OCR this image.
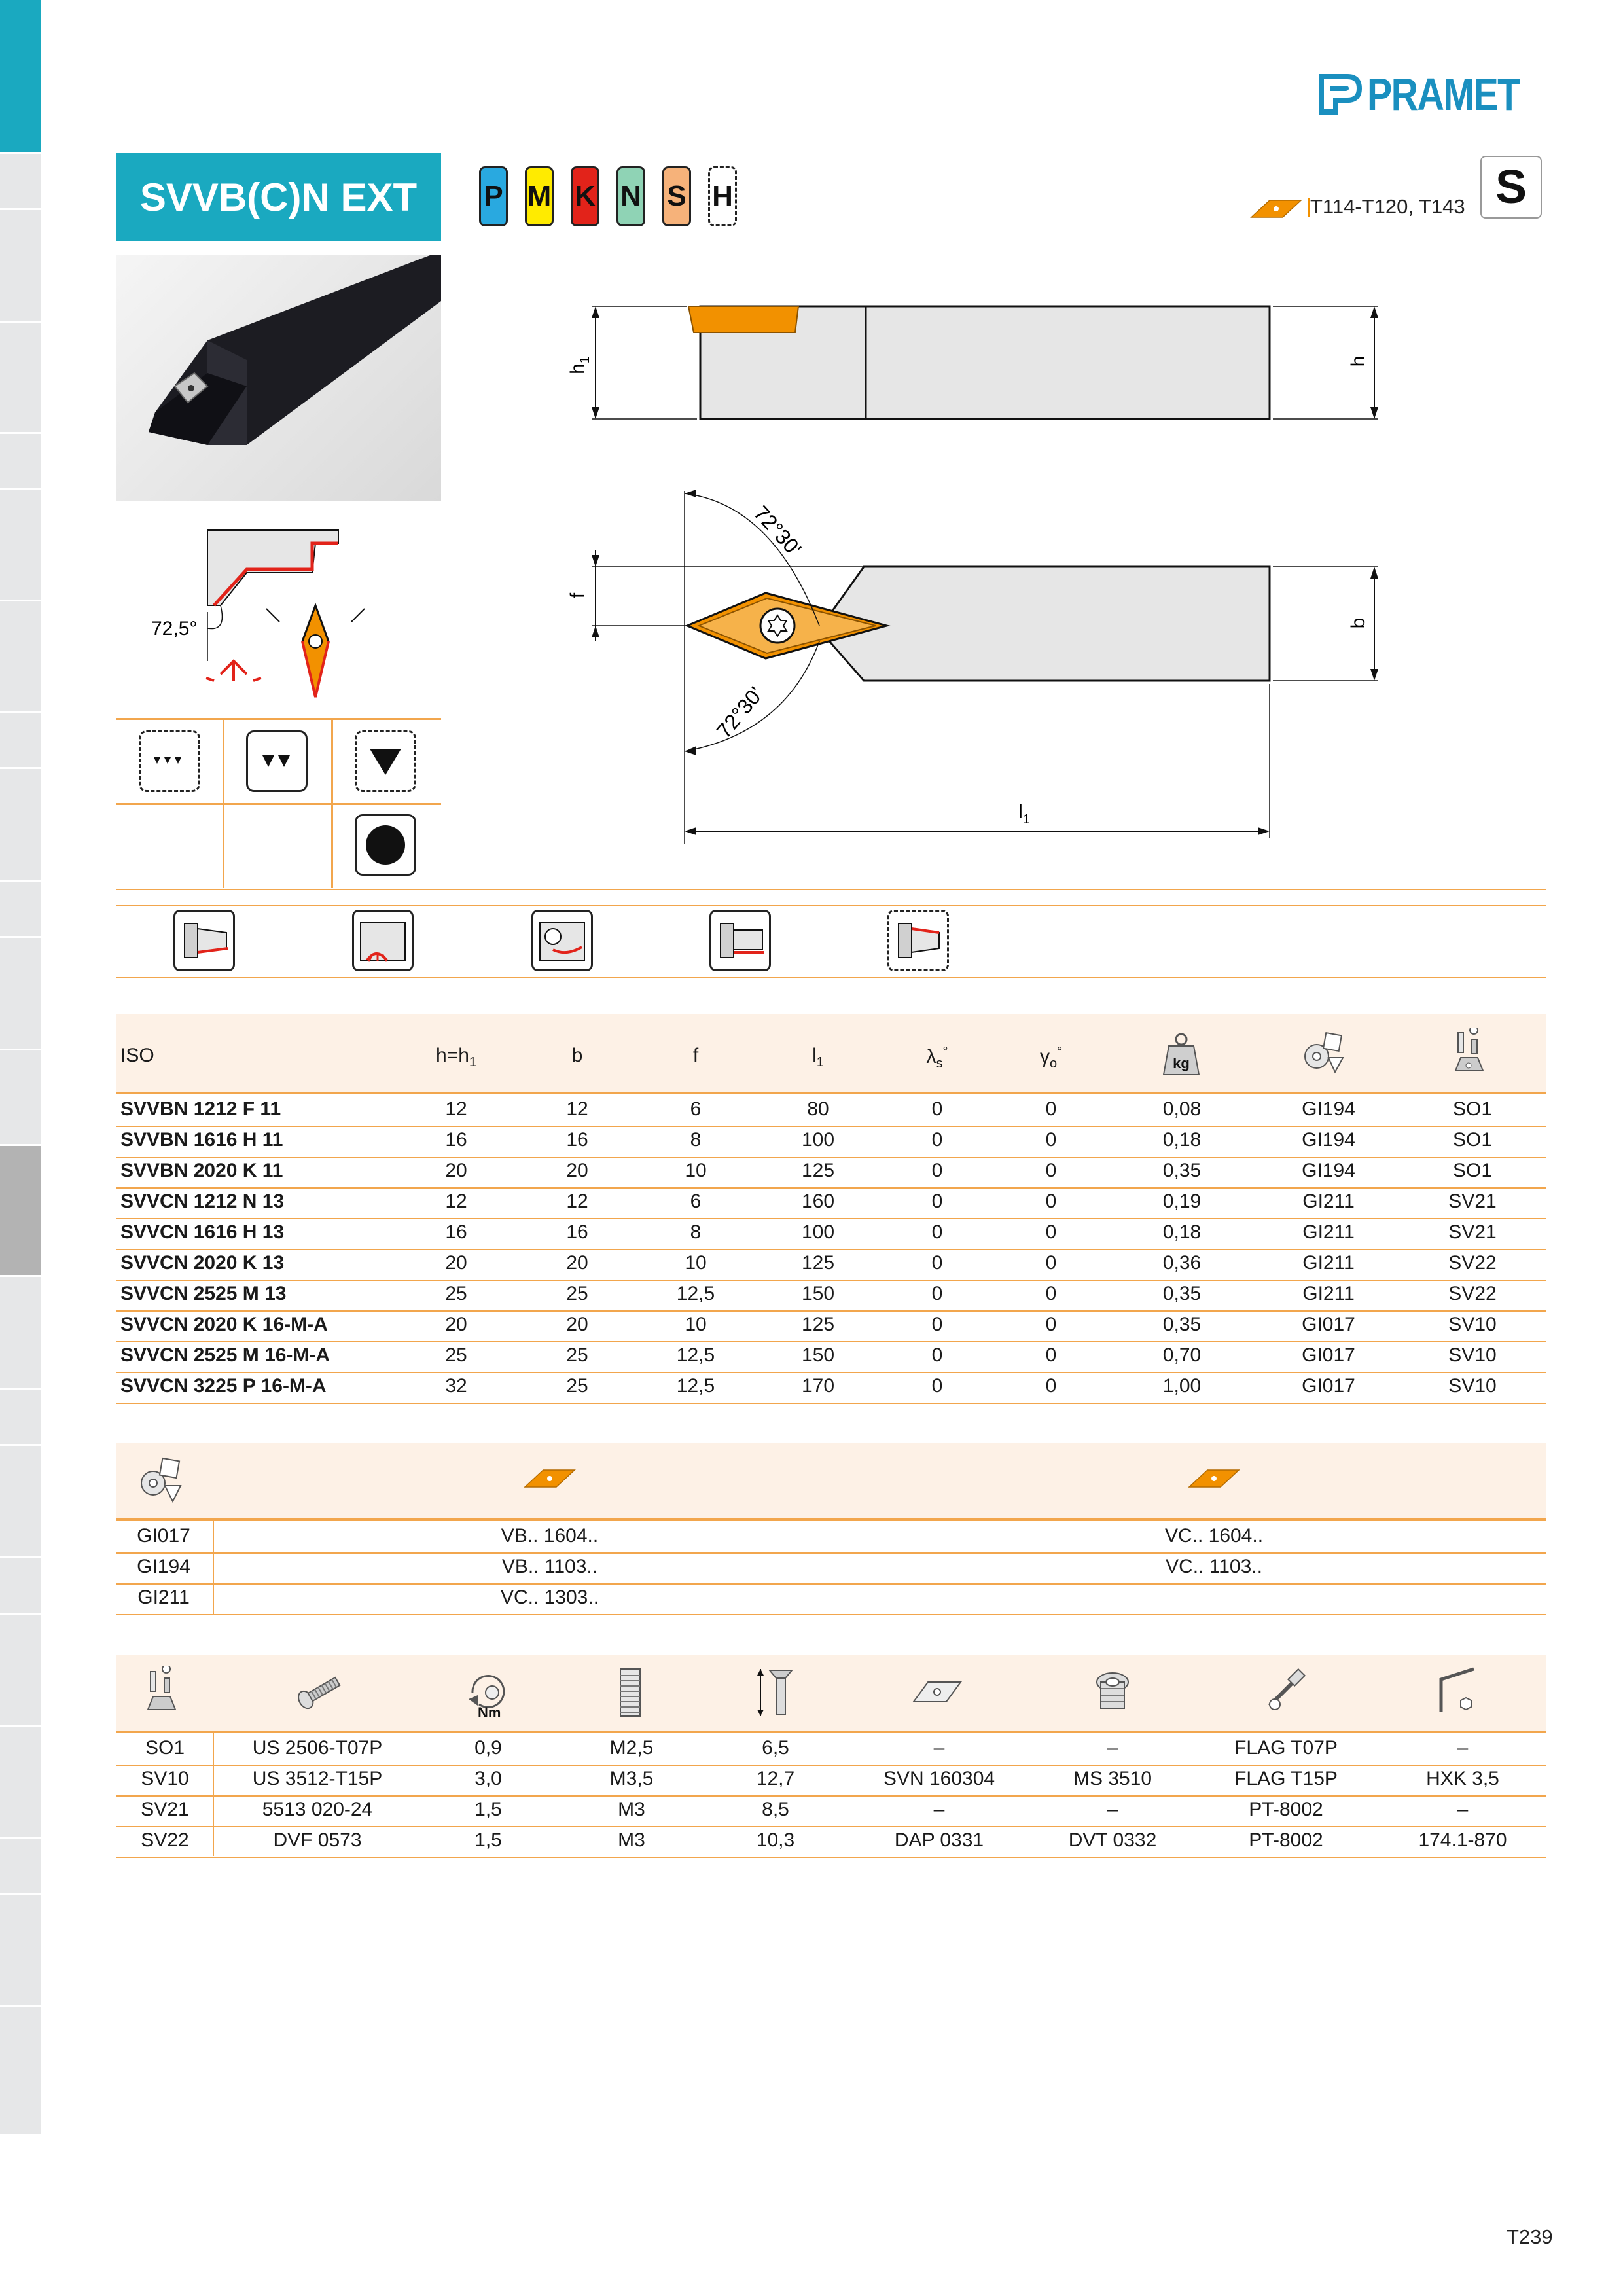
PRAMET
SVVB(C)N EXT P M K N S H	T114-T120, T143 S
$h_1$	h
72°30'
72°30'
f
b
$l_1$
72,5°
ISO	$h=h_1$	b	f	$l_1$	$\lambda_s^\circ$	$\gamma_o^\circ$
kg
SVVBN 1212 F 11	12	12	6	80	0	0	0,08	GI194	SO1
SVVBN 1616 H 11	16	16	8	100	0	0	0,18	GI194	SO1
SVVBN 2020 K 11	20	20	10	125	0	0	0,35	GI194	SO1
SVVCN 1212 N 13	12	12	6	160	0	0	0,19	GI211	SV21
SVVCN 1616 H 13	16	16	8	100	0	0	0,18	GI211	SV21
SVVCN 2020 K 13	20	20	10	125	0	0	0,36	GI211	SV22
SVVCN 2525 M 13	25	25	12,5	150	0	0	0,35	GI211	SV22
SVVCN 2020 K 16-M-A	20	20	10	125	0	0	0,35	GI017	SV10
SVVCN 2525 M 16-M-A	25	25	12,5	150	0	0	0,70	GI017	SV10
SVVCN 3225 P 16-M-A	32	25	12,5	170	0	0	1,00	GI017	SV10
GI017	VB.. 1604..	VC.. 1604..
GI194	VB.. 1103..	VC.. 1103..
GI211	VC.. 1303..
Nm
SO1	US 2506-T07P	0,9	M2,5	6,5	–	–	FLAG T07P	–
SV10	US 3512-T15P	3,0	M3,5	12,7	SVN 160304	MS 3510	FLAG T15P	HXK 3,5
SV21	5513 020-24	1,5	M3	8,5	–	–	PT-8002	–
SV22	DVF 0573	1,5	M3	10,3	DAP 0331	DVT 0332	PT-8002	174.1-870
T239
